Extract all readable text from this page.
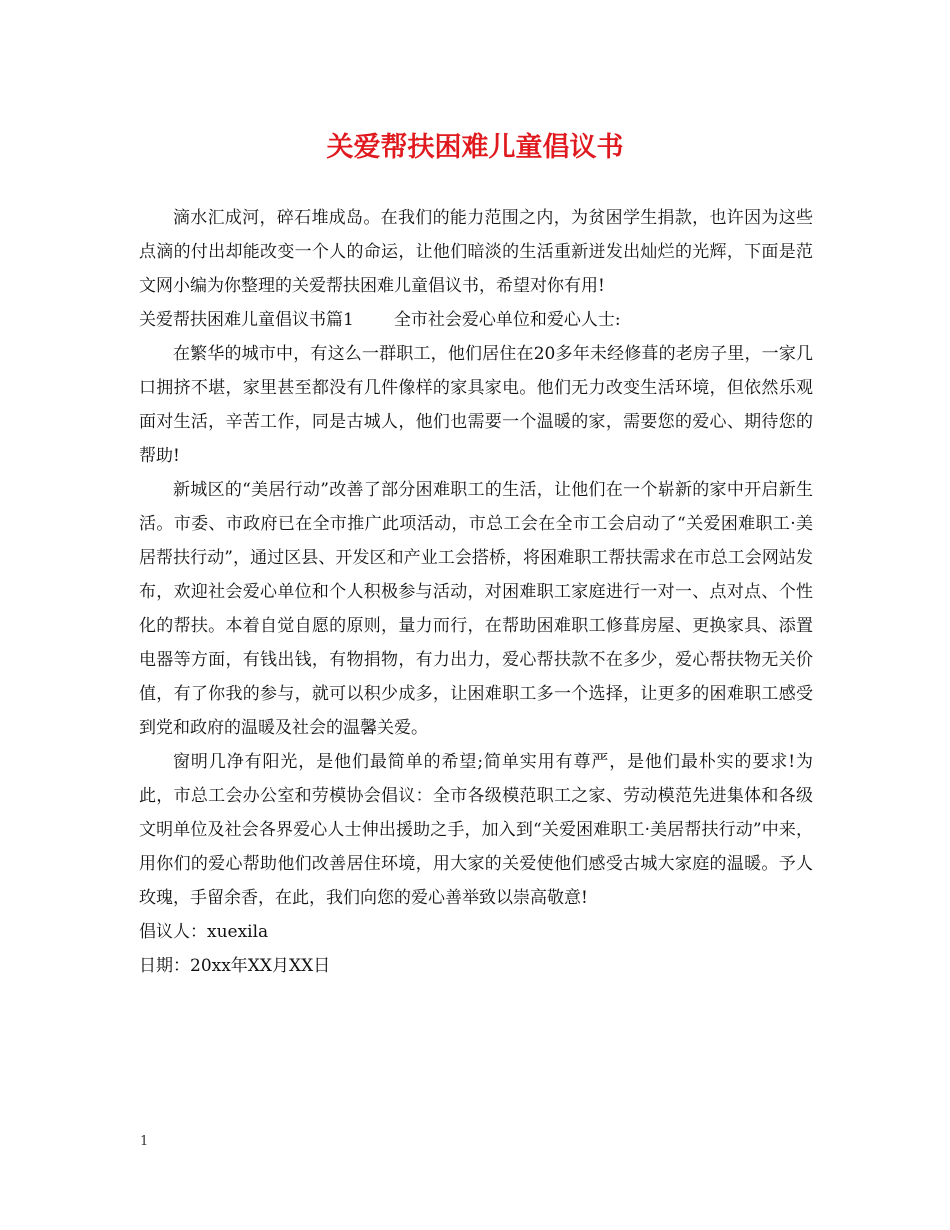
关爱帮扶困难儿童倡议书

滴水汇成河，碎石堆成岛。在我们的能力范围之内，为贫困学生捐款，也许因为这些点滴的付出却能改变一个人的命运，让他们暗淡的生活重新迸发出灿烂的光辉，下面是范文网小编为你整理的关爱帮扶困难儿童倡议书，希望对你有用!

关爱帮扶困难儿童倡议书篇1 全市社会爱心单位和爱心人士:

在繁华的城市中，有这么一群职工，他们居住在20多年未经修葺的老房子里，一家几口拥挤不堪，家里甚至都没有几件像样的家具家电。他们无力改变生活环境，但依然乐观面对生活，辛苦工作，同是古城人，他们也需要一个温暖的家，需要您的爱心、期待您的帮助!

新城区的“美居行动”改善了部分困难职工的生活，让他们在一个崭新的家中开启新生活。市委、市政府已在全市推广此项活动，市总工会在全市工会启动了“关爱困难职工·美居帮扶行动”，通过区县、开发区和产业工会搭桥，将困难职工帮扶需求在市总工会网站发布，欢迎社会爱心单位和个人积极参与活动，对困难职工家庭进行一对一、点对点、个性化的帮扶。本着自觉自愿的原则，量力而行，在帮助困难职工修葺房屋、更换家具、添置电器等方面，有钱出钱，有物捐物，有力出力，爱心帮扶款不在多少，爱心帮扶物无关价值，有了你我的参与，就可以积少成多，让困难职工多一个选择，让更多的困难职工感受到党和政府的温暖及社会的温馨关爱。

窗明几净有阳光，是他们最简单的希望;简单实用有尊严，是他们最朴实的要求!为此，市总工会办公室和劳模协会倡议：全市各级模范职工之家、劳动模范先进集体和各级文明单位及社会各界爱心人士伸出援助之手，加入到“关爱困难职工·美居帮扶行动”中来，用你们的爱心帮助他们改善居住环境，用大家的关爱使他们感受古城大家庭的温暖。予人玫瑰，手留余香，在此，我们向您的爱心善举致以崇高敬意!

倡议人：xuexila

日期：20xx年XX月XX日

1
